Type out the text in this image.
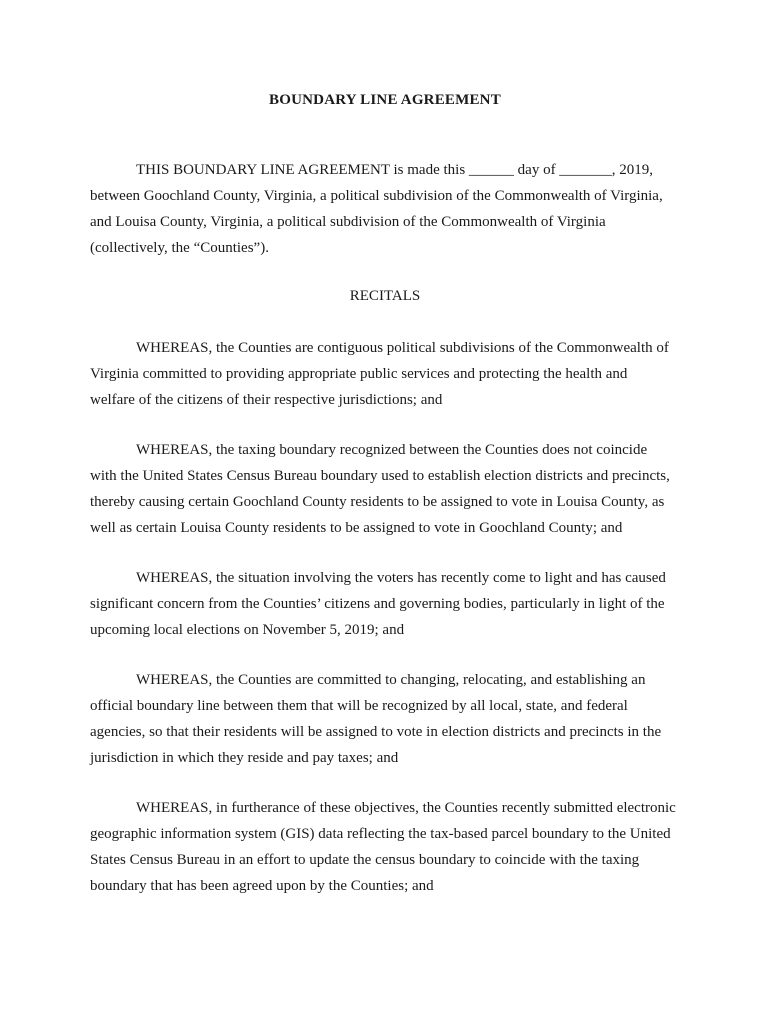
BOUNDARY LINE AGREEMENT
THIS BOUNDARY LINE AGREEMENT is made this ______ day of _______, 2019,
between Goochland County, Virginia, a political subdivision of the Commonwealth of Virginia,
and Louisa County, Virginia, a political subdivision of the Commonwealth of Virginia
(collectively, the “Counties”).
RECITALS
WHEREAS, the Counties are contiguous political subdivisions of the Commonwealth of
Virginia committed to providing appropriate public services and protecting the health and
welfare of the citizens of their respective jurisdictions; and
WHEREAS, the taxing boundary recognized between the Counties does not coincide
with the United States Census Bureau boundary used to establish election districts and precincts,
thereby causing certain Goochland County residents to be assigned to vote in Louisa County, as
well as certain Louisa County residents to be assigned to vote in Goochland County; and
WHEREAS, the situation involving the voters has recently come to light and has caused
significant concern from the Counties’ citizens and governing bodies, particularly in light of the
upcoming local elections on November 5, 2019; and
WHEREAS, the Counties are committed to changing, relocating, and establishing an
official boundary line between them that will be recognized by all local, state, and federal
agencies, so that their residents will be assigned to vote in election districts and precincts in the
jurisdiction in which they reside and pay taxes; and
WHEREAS, in furtherance of these objectives, the Counties recently submitted electronic
geographic information system (GIS) data reflecting the tax-based parcel boundary to the United
States Census Bureau in an effort to update the census boundary to coincide with the taxing
boundary that has been agreed upon by the Counties; and
